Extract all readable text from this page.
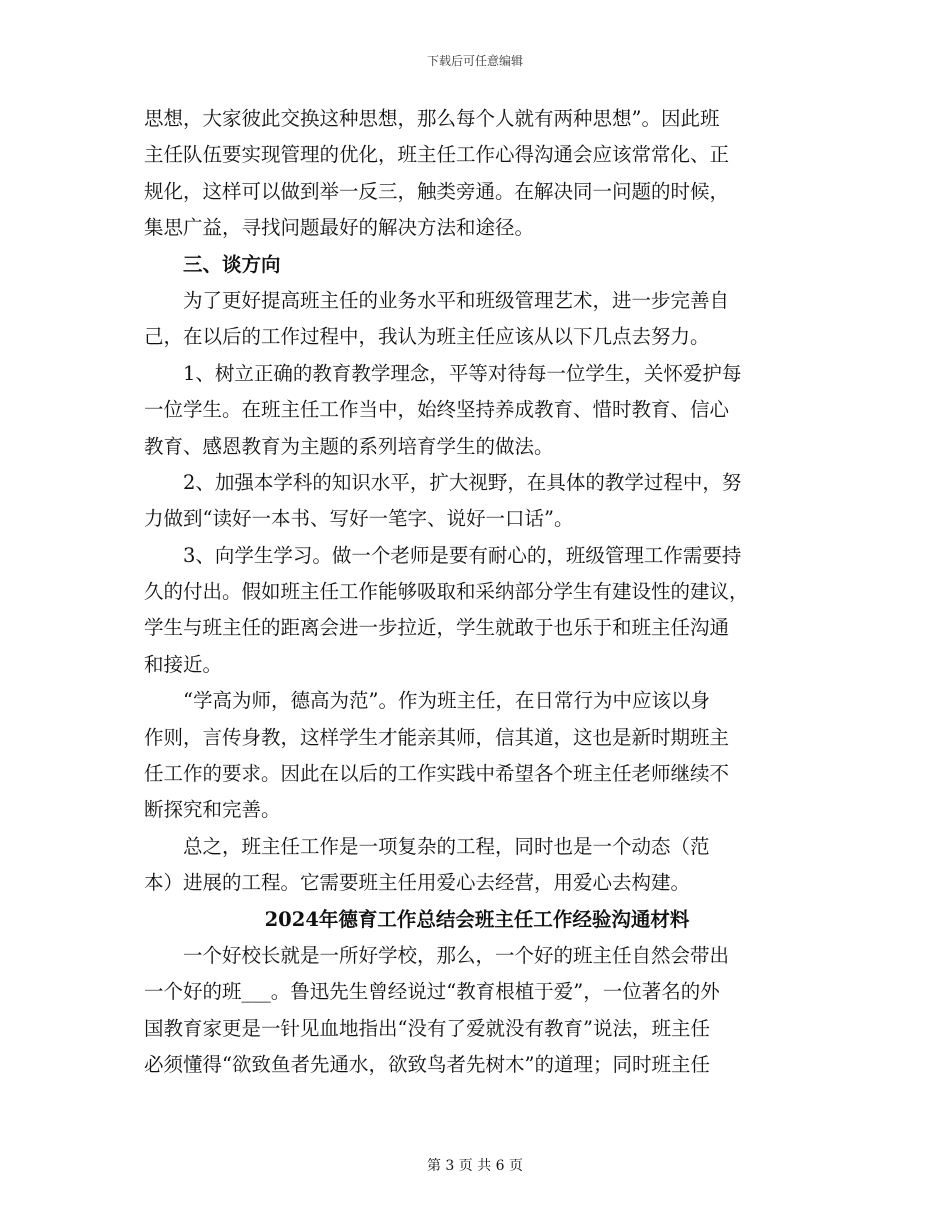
下载后可任意编辑
思想，大家彼此交换这种思想，那么每个人就有两种思想”。因此班
主任队伍要实现管理的优化，班主任工作心得沟通会应该常常化、正
规化，这样可以做到举一反三，触类旁通。在解决同一问题的时候，
集思广益，寻找问题最好的解决方法和途径。
三、谈方向
为了更好提高班主任的业务水平和班级管理艺术，进一步完善自
己，在以后的工作过程中，我认为班主任应该从以下几点去努力。
1、树立正确的教育教学理念，平等对待每一位学生，关怀爱护每
一位学生。在班主任工作当中，始终坚持养成教育、惜时教育、信心
教育、感恩教育为主题的系列培育学生的做法。
2、加强本学科的知识水平，扩大视野，在具体的教学过程中，努
力做到“读好一本书、写好一笔字、说好一口话”。
3、向学生学习。做一个老师是要有耐心的，班级管理工作需要持
久的付出。假如班主任工作能够吸取和采纳部分学生有建设性的建议，
学生与班主任的距离会进一步拉近，学生就敢于也乐于和班主任沟通
和接近。
“学高为师，德高为范”。作为班主任，在日常行为中应该以身
作则，言传身教，这样学生才能亲其师，信其道，这也是新时期班主
任工作的要求。因此在以后的工作实践中希望各个班主任老师继续不
断探究和完善。
总之，班主任工作是一项复杂的工程，同时也是一个动态（范
本）进展的工程。它需要班主任用爱心去经营，用爱心去构建。
2024年德育工作总结会班主任工作经验沟通材料
一个好校长就是一所好学校，那么，一个好的班主任自然会带出
一个好的班___。鲁迅先生曾经说过“教育根植于爱”，一位著名的外
国教育家更是一针见血地指出“没有了爱就没有教育”说法，班主任
必须懂得“欲致鱼者先通水，欲致鸟者先树木”的道理；同时班主任
第 3 页 共 6 页
